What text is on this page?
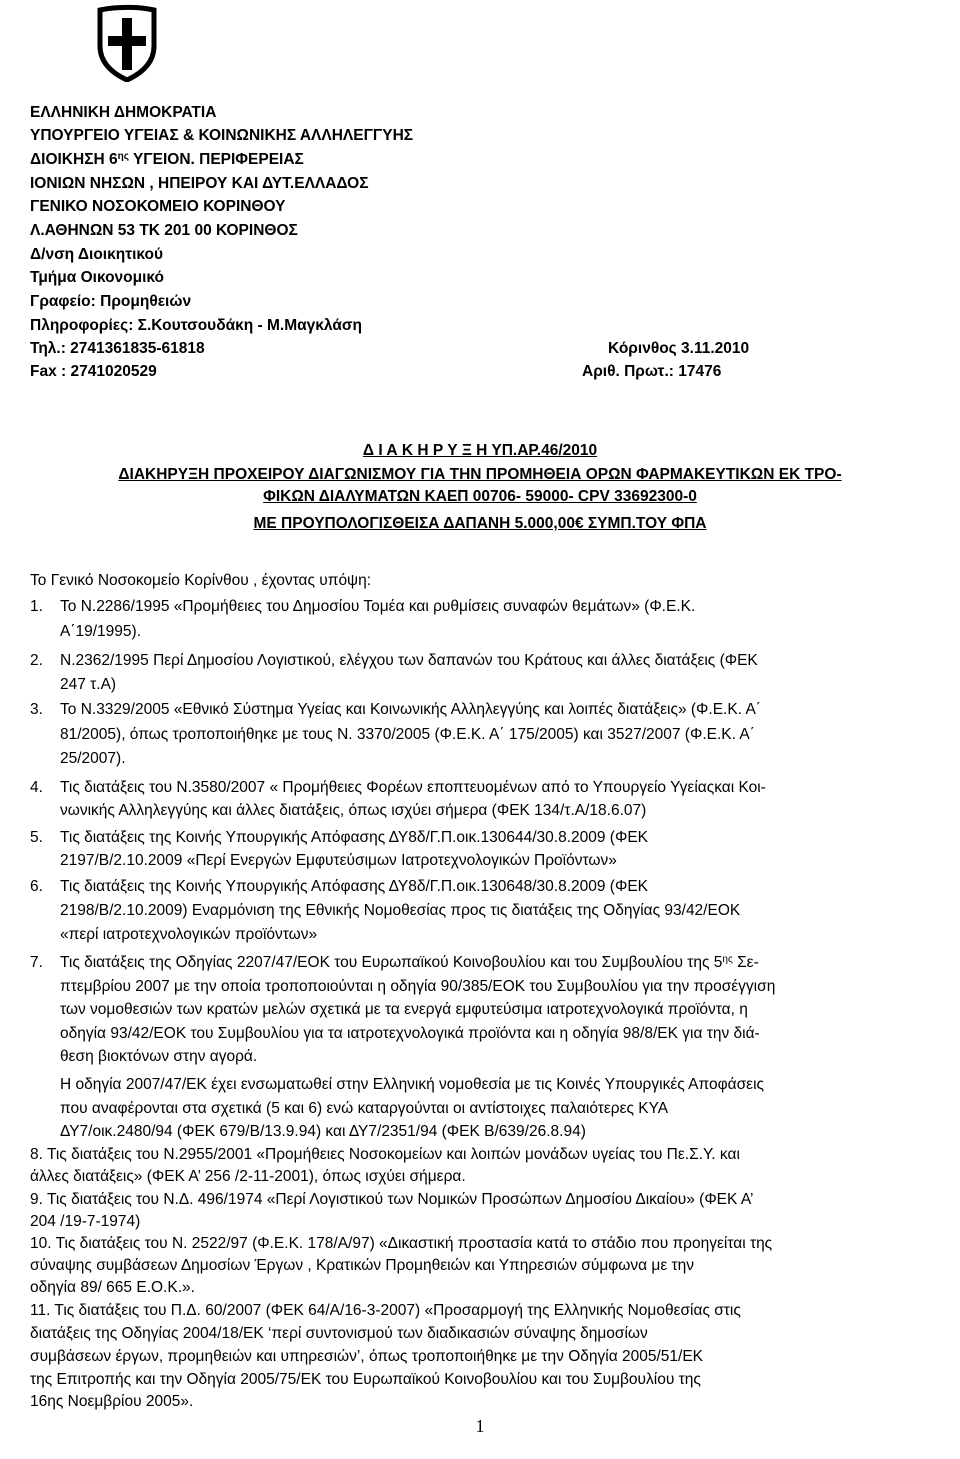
ΕΛΛΗΝΙΚΗ ΔΗΜΟΚΡΑΤΙΑ
ΥΠΟΥΡΓΕΙΟ ΥΓΕΙΑΣ & ΚΟΙΝΩΝΙΚΗΣ ΑΛΛΗΛΕΓΓΥΗΣ
ΔΙΟΙΚΗΣΗ $6^{\eta\varsigma}$ ΥΓΕΙΟΝ. ΠΕΡΙΦΕΡΕΙΑΣ
ΙΟΝΙΩΝ ΝΗΣΩΝ , ΗΠΕΙΡΟΥ ΚΑΙ ΔΥΤ.ΕΛΛΑΔΟΣ
ΓΕΝΙΚΟ ΝΟΣΟΚΟΜΕΙΟ ΚΟΡΙΝΘΟΥ
Λ.ΑΘΗΝΩΝ 53 ΤΚ 201 00 ΚΟΡΙΝΘΟΣ
Δ/νση Διοικητικού
Τμήμα Οικονομικό
Γραφείο: Προμηθειών
Πληροφορίες: Σ.Κουτσουδάκη - Μ.Μαγκλάση
Τηλ.: 2741361835-61818
Fax : 2741020529
Κόρινθος 3.11.2010
Αριθ. Πρωτ.: 17476
Δ Ι Α Κ Η Ρ Υ Ξ Η ΥΠ.ΑΡ.46/2010
ΔΙΑΚΗΡΥΞΗ ΠΡΟΧΕΙΡΟΥ ΔΙΑΓΩΝΙΣΜΟΥ ΓΙΑ ΤΗΝ ΠΡΟΜΗΘΕΙΑ ΟΡΩΝ ΦΑΡΜΑΚΕΥΤΙΚΩΝ ΕΚ ΤΡΟ-
ΦΙΚΩΝ ΔΙΑΛΥΜΑΤΩΝ ΚΑΕΠ 00706- 59000- CPV 33692300-0
ΜΕ ΠΡΟΥΠΟΛΟΓΙΣΘΕΙΣΑ ΔΑΠΑΝΗ 5.000,00€ ΣΥΜΠ.ΤΟΥ ΦΠΑ
Το Γενικό Νοσοκομείο Κορίνθου , έχοντας υπόψη:
1. Το Ν.2286/1995 «Προμήθειες του Δημοσίου Τομέα και ρυθμίσεις συναφών θεμάτων» (Φ.Ε.Κ.
Α΄19/1995).
2. Ν.2362/1995 Περί Δημοσίου Λογιστικού, ελέγχου των δαπανών του Κράτους και άλλες διατάξεις (ΦΕΚ
247 τ.Α)
3. Το Ν.3329/2005 «Εθνικό Σύστημα Υγείας και Κοινωνικής Αλληλεγγύης και λοιπές διατάξεις» (Φ.Ε.Κ. Α΄
81/2005), όπως τροποποιήθηκε με τους Ν. 3370/2005 (Φ.Ε.Κ. Α΄ 175/2005) και 3527/2007 (Φ.Ε.Κ. Α΄
25/2007).
4. Τις διατάξεις του Ν.3580/2007 « Προμήθειες Φορέων εποπτευομένων από το Υπουργείο Υγείαςκαι Κοι-
νωνικής Αλληλεγγύης και άλλες διατάξεις, όπως ισχύει σήμερα (ΦΕΚ 134/τ.Α/18.6.07)
5. Τις διατάξεις της Κοινής Υπουργικής Απόφασης ΔΥ8δ/Γ.Π.οικ.130644/30.8.2009 (ΦΕΚ
2197/Β/2.10.2009 «Περί Ενεργών Εμφυτεύσιμων Ιατροτεχνολογικών Προϊόντων»
6. Τις διατάξεις της Κοινής Υπουργικής Απόφασης ΔΥ8δ/Γ.Π.οικ.130648/30.8.2009 (ΦΕΚ
2198/Β/2.10.2009) Εναρμόνιση της Εθνικής Νομοθεσίας προς τις διατάξεις της Οδηγίας 93/42/ΕΟΚ
«περί ιατροτεχνολογικών προϊόντων»
7. Τις διατάξεις της Οδηγίας 2207/47/ΕΟΚ του Ευρωπαϊκού Κοινοβουλίου και του Συμβουλίου της $5^{\eta\varsigma}$ Σε-
πτεμβρίου 2007 με την οποία τροποποιούνται η οδηγία 90/385/ΕΟΚ του Συμβουλίου για την προσέγγιση
των νομοθεσιών των κρατών μελών σχετικά με τα ενεργά εμφυτεύσιμα ιατροτεχνολογικά προϊόντα, η
οδηγία 93/42/ΕΟΚ του Συμβουλίου για τα ιατροτεχνολογικά προϊόντα και η οδηγία 98/8/ΕΚ για την διά-
θεση βιοκτόνων στην αγορά.
Η οδηγία 2007/47/ΕΚ έχει ενσωματωθεί στην Ελληνική νομοθεσία με τις Κοινές Υπουργικές Αποφάσεις
που αναφέρονται στα σχετικά (5 και 6) ενώ καταργούνται οι αντίστοιχες παλαιότερες ΚΥΑ
ΔΥ7/οικ.2480/94 (ΦΕΚ 679/Β/13.9.94) και ΔΥ7/2351/94 (ΦΕΚ Β/639/26.8.94)
8. Τις διατάξεις του Ν.2955/2001 «Προμήθειες Νοσοκομείων και λοιπών μονάδων υγείας του Πε.Σ.Υ. και
άλλες διατάξεις» (ΦΕΚ Α’ 256 /2-11-2001), όπως ισχύει σήμερα.
9. Τις διατάξεις του Ν.Δ. 496/1974 «Περί Λογιστικού των Νομικών Προσώπων Δημοσίου Δικαίου» (ΦΕΚ Α’
204 /19-7-1974)
10. Τις διατάξεις του Ν. 2522/97 (Φ.Ε.Κ. 178/Α/97) «Δικαστική προστασία κατά το στάδιο που προηγείται της
σύναψης συμβάσεων Δημοσίων Έργων , Κρατικών Προμηθειών και Υπηρεσιών σύμφωνα με την
οδηγία 89/ 665 Ε.Ο.Κ.».
11. Τις διατάξεις του Π.Δ. 60/2007 (ΦΕΚ 64/Α/16-3-2007) «Προσαρμογή της Ελληνικής Νομοθεσίας στις
διατάξεις της Οδηγίας 2004/18/ΕΚ ‘περί συντονισμού των διαδικασιών σύναψης δημοσίων
συμβάσεων έργων, προμηθειών και υπηρεσιών’, όπως τροποποιήθηκε με την Οδηγία 2005/51/ΕΚ
της Επιτροπής και την Οδηγία 2005/75/ΕΚ του Ευρωπαϊκού Κοινοβουλίου και του Συμβουλίου της
16ης Νοεμβρίου 2005».
1
